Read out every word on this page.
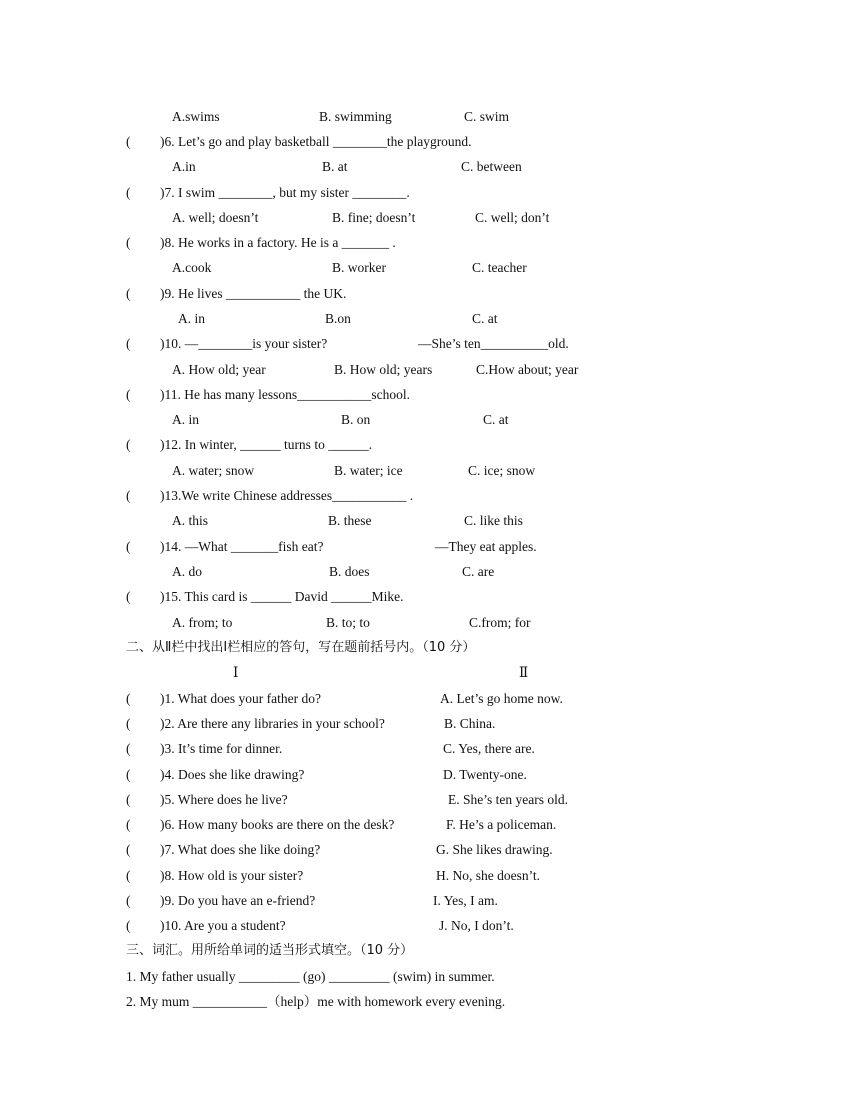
A.swims	B. swimming	C. swim
( )6. Let’s go and play basketball ________the playground.
A.in	B. at	C. between
( )7. I swim ________, but my sister ________.
A. well; doesn’t	B. fine; doesn’t	C. well; don’t
( )8. He works in a factory. He is a _______ .
A.cook	B. worker	C. teacher
( )9. He lives ___________ the UK.
A. in	B.on	C. at
( )10. —________is your sister?	—She’s ten__________old.
A. How old; year	B. How old; years	C.How about; year
( )11. He has many lessons___________school.
A. in	B. on	C. at
( )12. In winter, ______ turns to ______.
A. water; snow	B. water; ice	C. ice; snow
( )13.We write Chinese addresses___________ .
A. this	B. these	C. like this
( )14. —What _______fish eat?	—They eat apples.
A. do	B. does	C. are
( )15. This card is ______ David ______Mike.
A. from; to	B. to; to	C.from; for
二、从Ⅱ栏中找出Ⅰ栏相应的答句，写在题前括号内。（10 分）
Ⅰ	Ⅱ
( )1. What does your father do?	A. Let’s go home now.
( )2. Are there any libraries in your school?	B. China.
( )3. It’s time for dinner.	C. Yes, there are.
( )4. Does she like drawing?	D. Twenty-one.
( )5. Where does he live?	E. She’s ten years old.
( )6. How many books are there on the desk?	F. He’s a policeman.
( )7. What does she like doing?	G. She likes drawing.
( )8. How old is your sister?	H. No, she doesn’t.
( )9. Do you have an e-friend?	I. Yes, I am.
( )10. Are you a student?	J. No, I don’t.
三、词汇。用所给单词的适当形式填空。（10 分）
1. My father usually _________ (go) _________ (swim) in summer.
2. My mum ___________（help）me with homework every evening.
